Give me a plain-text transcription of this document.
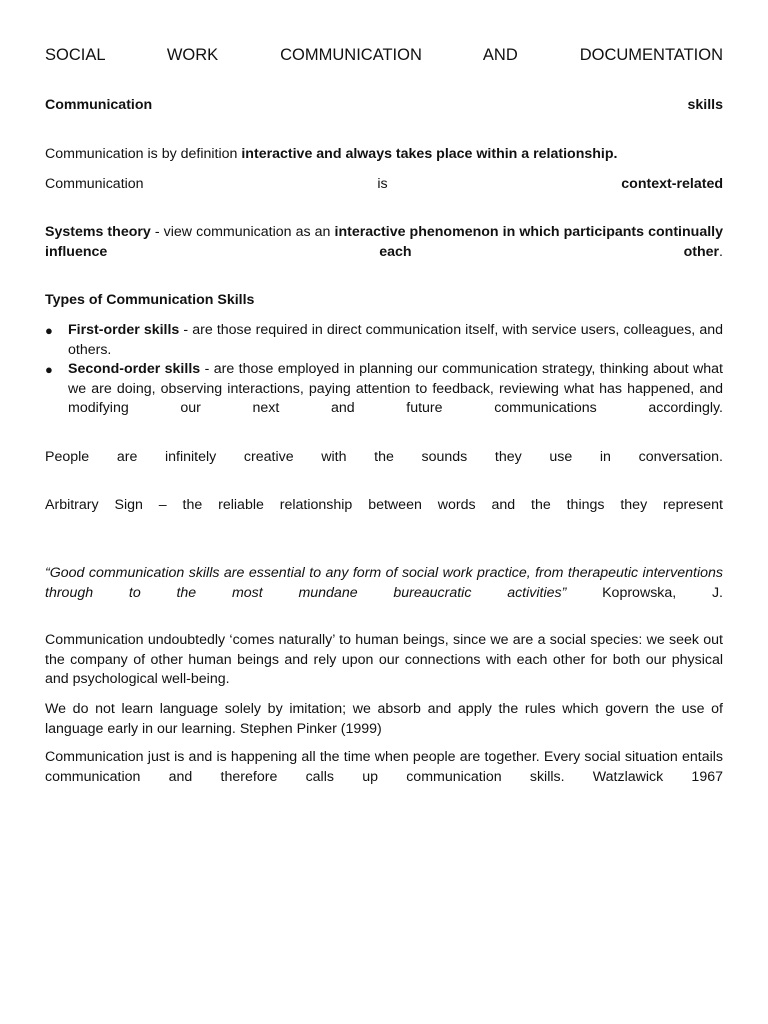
SOCIAL WORK COMMUNICATION AND DOCUMENTATION
Communication	skills
Communication is by definition interactive and always takes place within a relationship.
Communication	is	context-related
Systems theory - view communication as an interactive phenomenon in which participants continually influence each other.
Types of Communication Skills
● First-order skills - are those required in direct communication itself, with service users, colleagues, and others.
● Second-order skills - are those employed in planning our communication strategy, thinking about what we are doing, observing interactions, paying attention to feedback, reviewing what has happened, and modifying our next and future communications accordingly.
People are infinitely creative with the sounds they use in conversation.
Arbitrary Sign – the reliable relationship between words and the things they represent
“Good communication skills are essential to any form of social work practice, from therapeutic interventions through to the most mundane bureaucratic activities” Koprowska, J.
Communication undoubtedly ‘comes naturally’ to human beings, since we are a social species: we seek out the company of other human beings and rely upon our connections with each other for both our physical and psychological well-being.
We do not learn language solely by imitation; we absorb and apply the rules which govern the use of language early in our learning. Stephen Pinker (1999)
Communication just is and is happening all the time when people are together. Every social situation entails communication and therefore calls up communication skills. Watzlawick 1967
